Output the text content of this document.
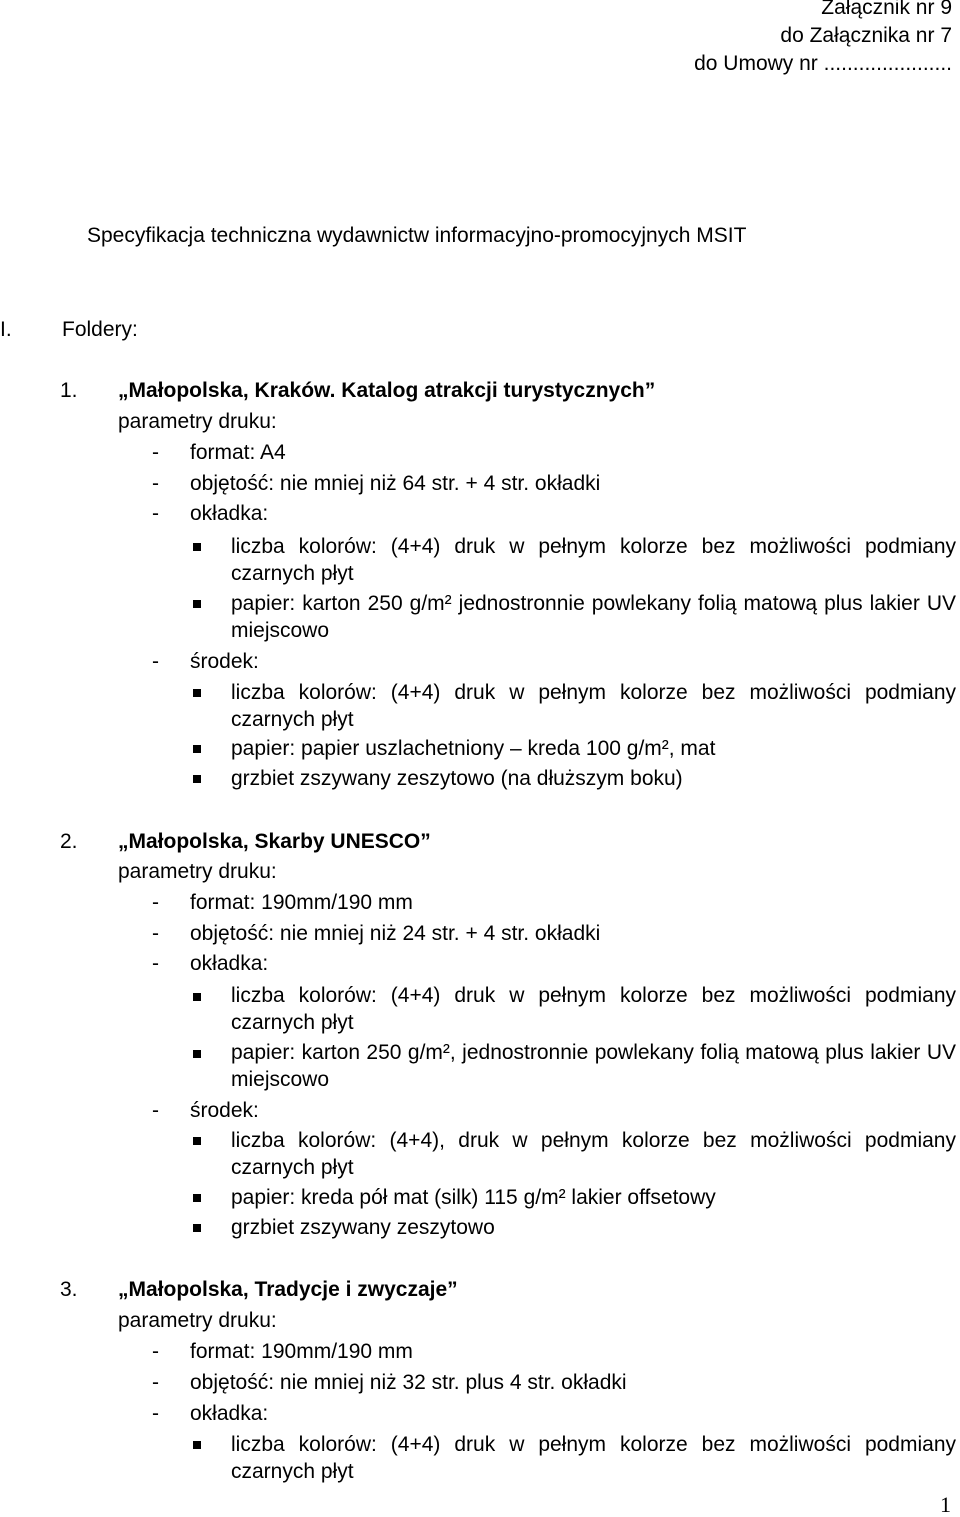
Załącznik nr 9
do Załącznika nr 7
do Umowy nr ......................
Specyfikacja techniczna wydawnictw informacyjno-promocyjnych MSIT
I. Foldery:
1. „Małopolska, Kraków. Katalog atrakcji turystycznych”
parametry druku:
- format: A4
- objętość: nie mniej niż 64 str. + 4 str. okładki
- okładka:
liczba kolorów: (4+4) druk w pełnym kolorze bez możliwości podmiany czarnych płyt
papier: karton 250 g/m² jednostronnie powlekany folią matową plus lakier UV miejscowo
- środek:
liczba kolorów: (4+4) druk w pełnym kolorze bez możliwości podmiany czarnych płyt
papier: papier uszlachetniony – kreda 100 g/m², mat
grzbiet zszywany zeszytowo (na dłuższym boku)
2. „Małopolska, Skarby UNESCO”
parametry druku:
- format: 190mm/190 mm
- objętość: nie mniej niż 24 str. + 4 str. okładki
- okładka:
liczba kolorów: (4+4) druk w pełnym kolorze bez możliwości podmiany czarnych płyt
papier: karton 250 g/m², jednostronnie powlekany folią matową plus lakier UV miejscowo
- środek:
liczba kolorów: (4+4), druk w pełnym kolorze bez możliwości podmiany czarnych płyt
papier: kreda pół mat (silk) 115 g/m² lakier offsetowy
grzbiet zszywany zeszytowo
3. „Małopolska, Tradycje i zwyczaje”
parametry druku:
- format: 190mm/190 mm
- objętość: nie mniej niż 32 str. plus 4 str. okładki
- okładka:
liczba kolorów: (4+4) druk w pełnym kolorze bez możliwości podmiany czarnych płyt
1
